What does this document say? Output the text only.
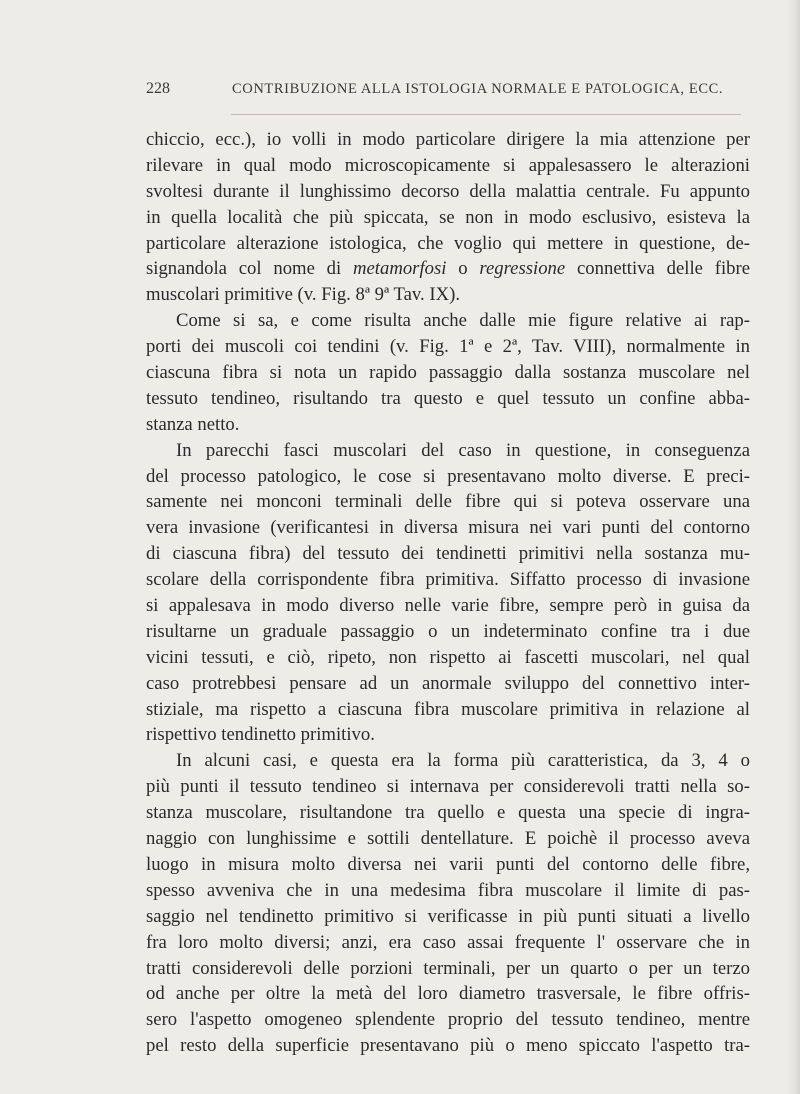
228	CONTRIBUZIONE ALLA ISTOLOGIA NORMALE E PATOLOGICA, ECC.
chiccio, ecc.), io volli in modo particolare dirigere la mia attenzione per
rilevare in qual modo microscopicamente si appalesassero le alterazioni
svoltesi durante il lunghissimo decorso della malattia centrale. Fu appunto
in quella località che più spiccata, se non in modo esclusivo, esisteva la
particolare alterazione istologica, che voglio qui mettere in questione, de-
signandola col nome di metamorfosi o regressione connettiva delle fibre
muscolari primitive (v. Fig. 8ª 9ª Tav. IX).
Come si sa, e come risulta anche dalle mie figure relative ai rap-
porti dei muscoli coi tendini (v. Fig. 1ª e 2ª, Tav. VIII), normalmente in
ciascuna fibra si nota un rapido passaggio dalla sostanza muscolare nel
tessuto tendineo, risultando tra questo e quel tessuto un confine abba-
stanza netto.
In parecchi fasci muscolari del caso in questione, in conseguenza
del processo patologico, le cose si presentavano molto diverse. E preci-
samente nei monconi terminali delle fibre qui si poteva osservare una
vera invasione (verificantesi in diversa misura nei vari punti del contorno
di ciascuna fibra) del tessuto dei tendinetti primitivi nella sostanza mu-
scolare della corrispondente fibra primitiva. Siffatto processo di invasione
si appalesava in modo diverso nelle varie fibre, sempre però in guisa da
risultarne un graduale passaggio o un indeterminato confine tra i due
vicini tessuti, e ciò, ripeto, non rispetto ai fascetti muscolari, nel qual
caso protrebbesi pensare ad un anormale sviluppo del connettivo inter-
stiziale, ma rispetto a ciascuna fibra muscolare primitiva in relazione al
rispettivo tendinetto primitivo.
In alcuni casi, e questa era la forma più caratteristica, da 3, 4 o
più punti il tessuto tendineo si internava per considerevoli tratti nella so-
stanza muscolare, risultandone tra quello e questa una specie di ingra-
naggio con lunghissime e sottili dentellature. E poichè il processo aveva
luogo in misura molto diversa nei varii punti del contorno delle fibre,
spesso avveniva che in una medesima fibra muscolare il limite di pas-
saggio nel tendinetto primitivo si verificasse in più punti situati a livello
fra loro molto diversi; anzi, era caso assai frequente l' osservare che in
tratti considerevoli delle porzioni terminali, per un quarto o per un terzo
od anche per oltre la metà del loro diametro trasversale, le fibre offris-
sero l'aspetto omogeneo splendente proprio del tessuto tendineo, mentre
pel resto della superficie presentavano più o meno spiccato l'aspetto tra-
